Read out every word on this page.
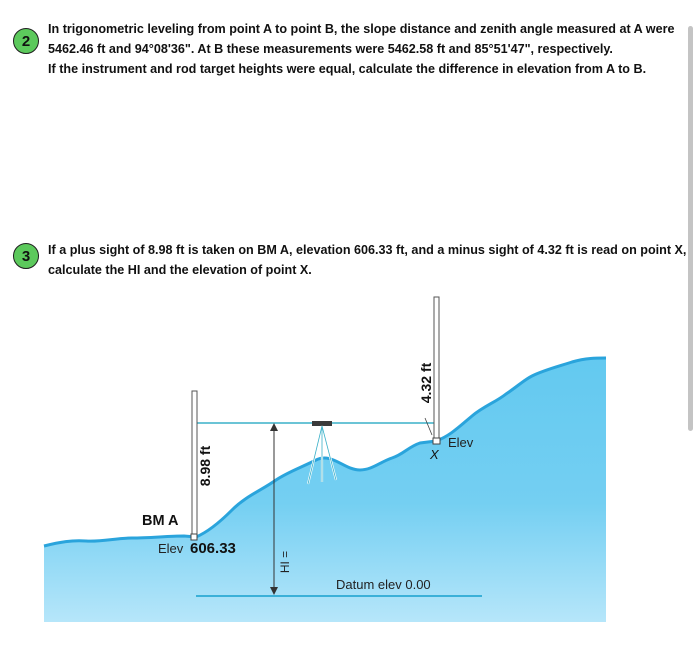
2
In trigonometric leveling from point A to point B, the slope distance and zenith angle measured at A were
5462.46 ft and 94°08'36". At B these measurements were 5462.58 ft and 85°51'47", respectively.
If the instrument and rod target heights were equal, calculate the difference in elevation from A to B.
3 If a plus sight of 8.98 ft is taken on BM A, elevation 606.33 ft, and a minus sight of 4.32 ft is read on point X,
calculate the HI and the elevation of point X.
8.98 ft
4.32 ft
HI =
BM A
Elev 606.33
X
Elev
Datum elev 0.00
